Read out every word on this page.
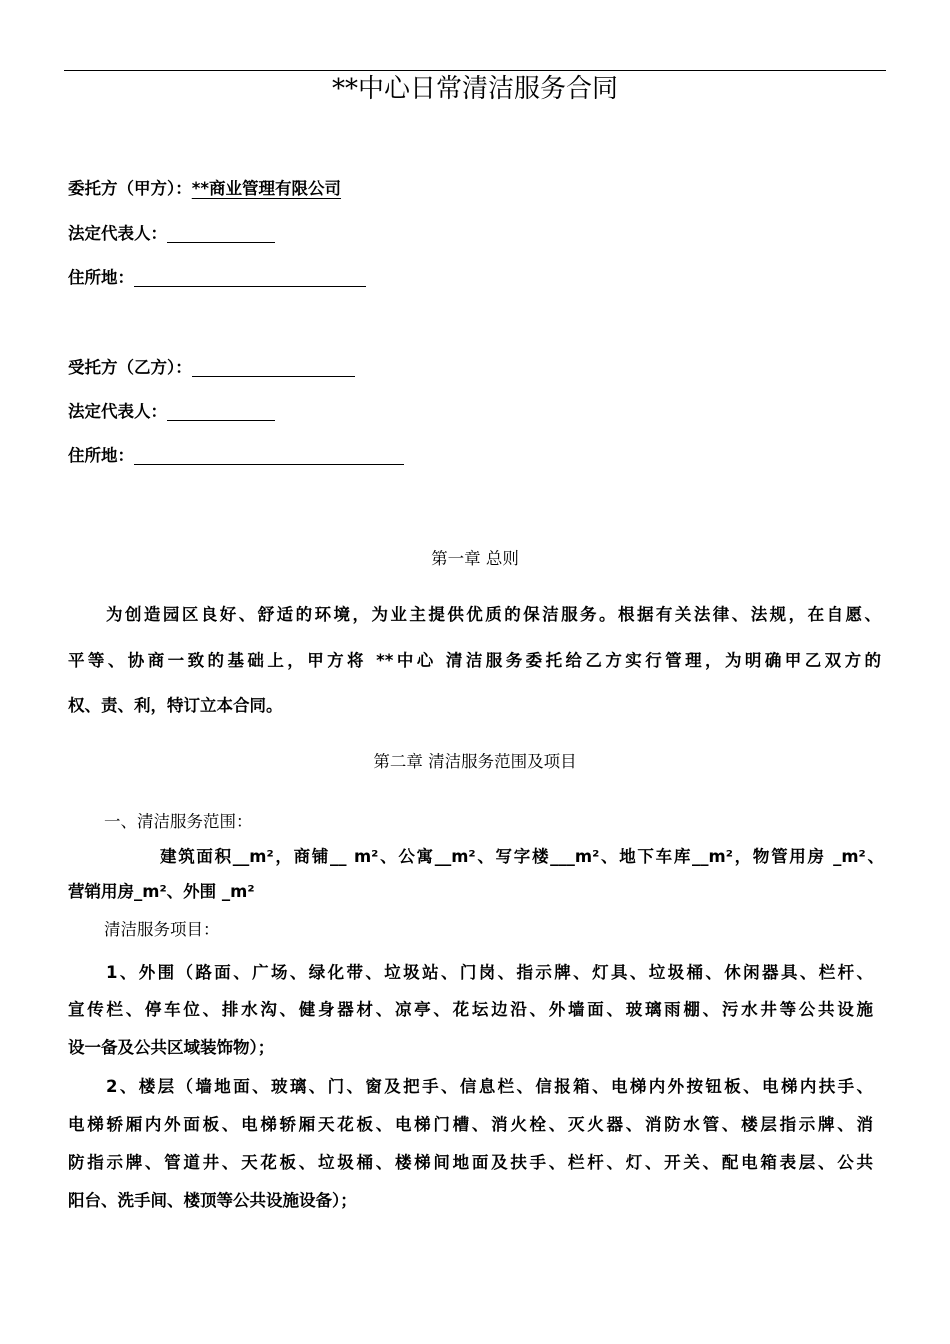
**中心日常清洁服务合同
委托方（甲方）：**商业管理有限公司
法定代表人：
住所地：
受托方（乙方）：
法定代表人：
住所地：
第一章 总则
为创造园区良好、舒适的环境，为业主提供优质的保洁服务。根据有关法律、法规，在自愿、
平等、协商一致的基础上，甲方将 **中心 清洁服务委托给乙方实行管理，为明确甲乙双方的
权、责、利，特订立本合同。
第二章 清洁服务范围及项目
一、清洁服务范围：
建筑面积__m²，商铺__ m²、公寓__m²、写字楼___m²、地下车库__m²，物管用房 _m²、
营销用房_m²、外围 _m²
清洁服务项目：
1、外围（路面、广场、绿化带、垃圾站、门岗、指示牌、灯具、垃圾桶、休闲器具、栏杆、
宣传栏、停车位、排水沟、健身器材、凉亭、花坛边沿、外墙面、玻璃雨棚、污水井等公共设施
设一备及公共区域装饰物）；
2、楼层（墙地面、玻璃、门、窗及把手、信息栏、信报箱、电梯内外按钮板、电梯内扶手、
电梯轿厢内外面板、电梯轿厢天花板、电梯门槽、消火栓、灭火器、消防水管、楼层指示牌、消
防指示牌、管道井、天花板、垃圾桶、楼梯间地面及扶手、栏杆、灯、开关、配电箱表层、公共
阳台、洗手间、楼顶等公共设施设备）；
